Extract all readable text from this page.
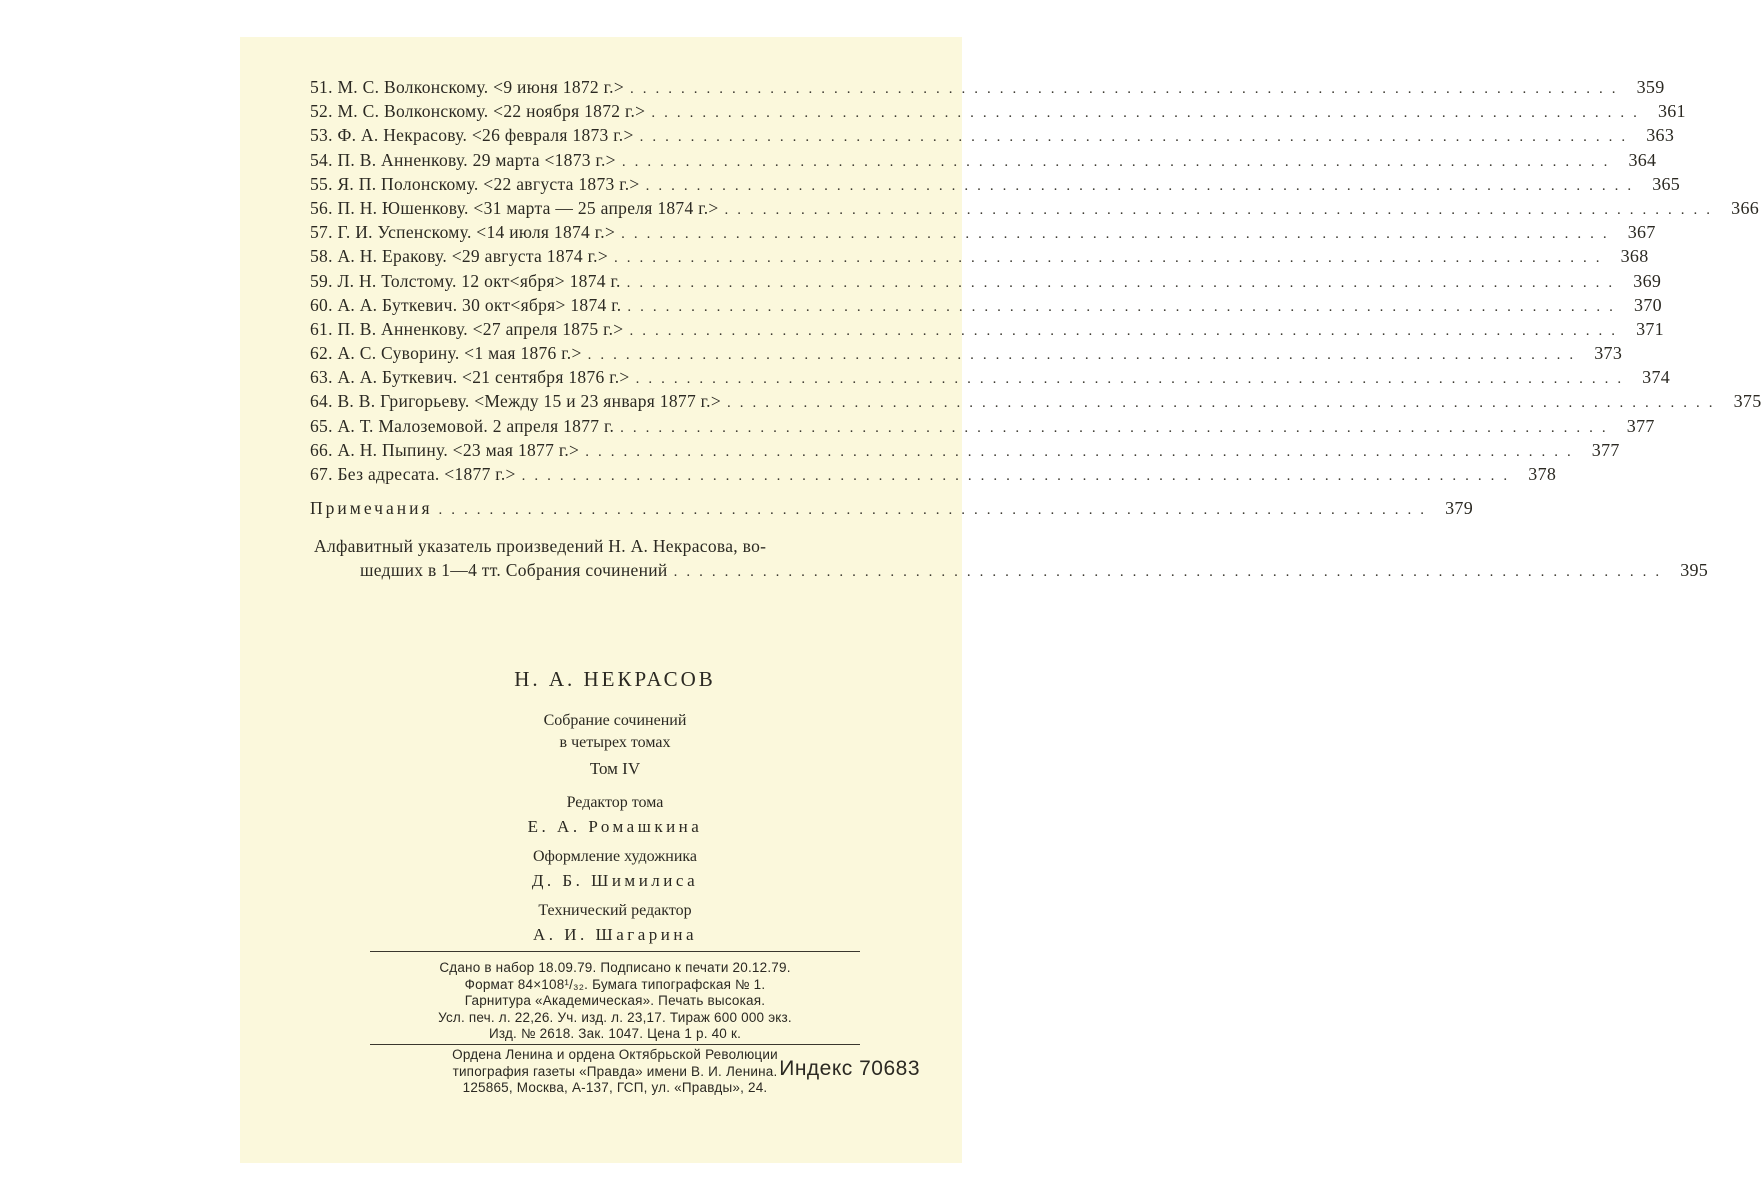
51. М. С. Волконскому. <9 июня 1872 г.> .............................................................................. 359
52. М. С. Волконскому. <22 ноября 1872 г.> .............................................................................. 361
53. Ф. А. Некрасову. <26 февраля 1873 г.> .............................................................................. 363
54. П. В. Анненкову. 29 марта <1873 г.> .............................................................................. 364
55. Я. П. Полонскому. <22 августа 1873 г.> .............................................................................. 365
56. П. Н. Юшенкову. <31 марта — 25 апреля 1874 г.> .............................................................................. 366
57. Г. И. Успенскому. <14 июля 1874 г.> .............................................................................. 367
58. А. Н. Еракову. <29 августа 1874 г.> .............................................................................. 368
59. Л. Н. Толстому. 12 окт<ября> 1874 г. .............................................................................. 369
60. А. А. Буткевич. 30 окт<ября> 1874 г. .............................................................................. 370
61. П. В. Анненкову. <27 апреля 1875 г.> .............................................................................. 371
62. А. С. Суворину. <1 мая 1876 г.> .............................................................................. 373
63. А. А. Буткевич. <21 сентября 1876 г.> .............................................................................. 374
64. В. В. Григорьеву. <Между 15 и 23 января 1877 г.> .............................................................................. 375
65. А. Т. Малоземовой. 2 апреля 1877 г. .............................................................................. 377
66. А. Н. Пыпину. <23 мая 1877 г.> .............................................................................. 377
67. Без адресата. <1877 г.> .............................................................................. 378
Примечания .............................................................................. 379
Алфавитный указатель произведений Н. А. Некрасова, во-
шедших в 1—4 тт. Собрания сочинений .............................................................................. 395
Н. А. НЕКРАСОВ
Собрание сочинений
в четырех томах
Том IV
Редактор тома
Е. А. Ромашкина
Оформление художника
Д. Б. Шимилиса
Технический редактор
А. И. Шагарина
Сдано в набор 18.09.79. Подписано к печати 20.12.79.
Формат 84×108¹/₃₂. Бумага типографская № 1.
Гарнитура «Академическая». Печать высокая.
Усл. печ. л. 22,26. Уч. изд. л. 23,17. Тираж 600 000 экз.
Изд. № 2618. Зак. 1047. Цена 1 р. 40 к.
Ордена Ленина и ордена Октябрьской Революции
типография газеты «Правда» имени В. И. Ленина.
125865, Москва, А-137, ГСП, ул. «Правды», 24.
Индекс 70683
